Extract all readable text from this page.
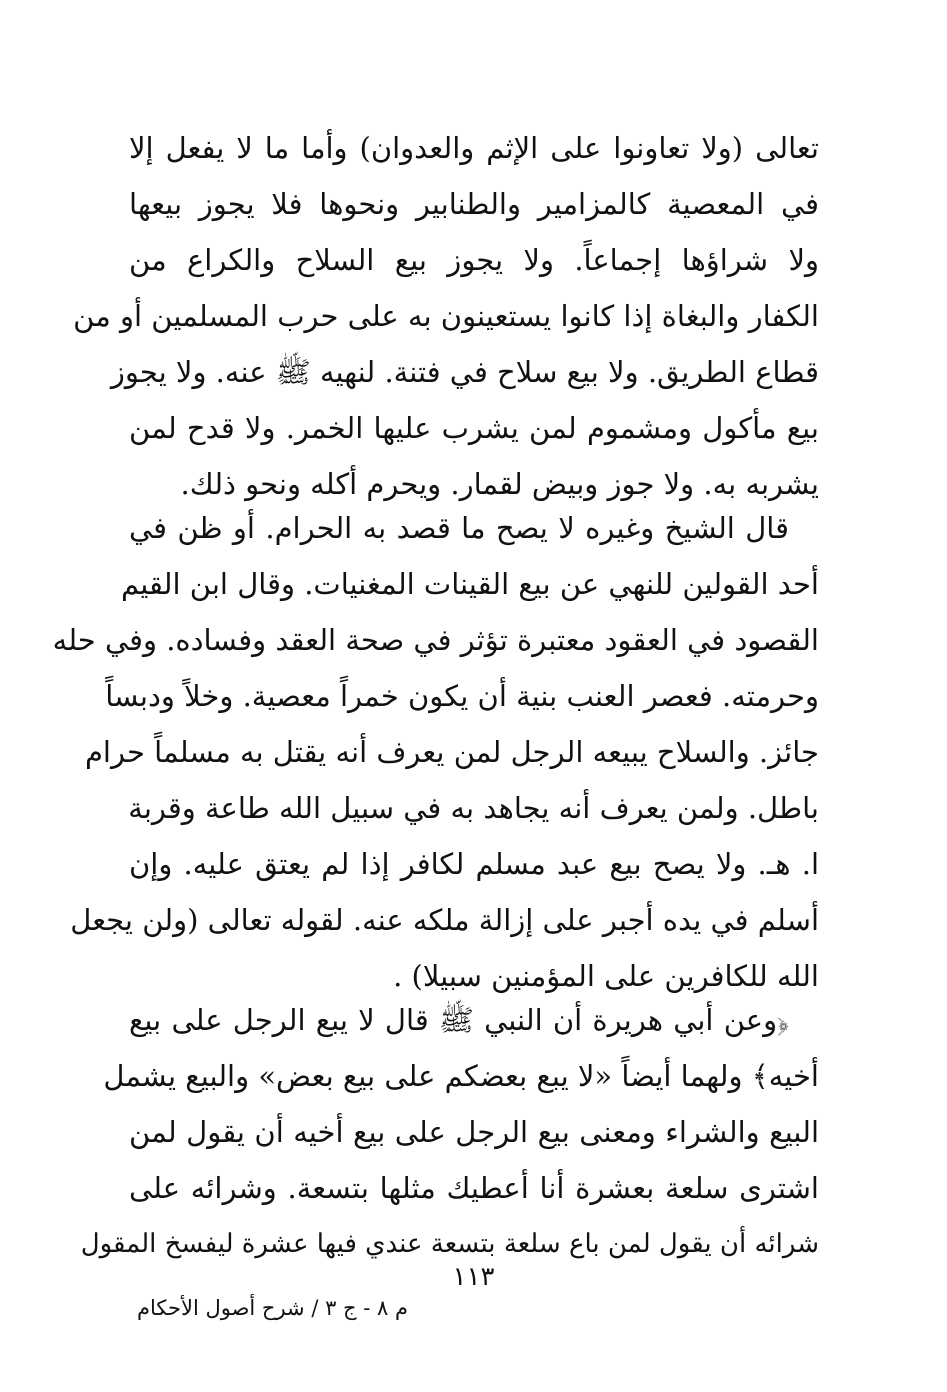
تعالى (ولا تعاونوا على الإثم والعدوان) وأما ما لا يفعل إلا
في المعصية كالمزامير والطنابير ونحوها فلا يجوز بيعها
ولا شراؤها إجماعاً. ولا يجوز بيع السلاح والكراع من
الكفار والبغاة إذا كانوا يستعينون به على حرب المسلمين أو من
قطاع الطريق. ولا بيع سلاح في فتنة. لنهيه ﷺ عنه. ولا يجوز
بيع مأكول ومشموم لمن يشرب عليها الخمر. ولا قدح لمن
يشربه به. ولا جوز وبيض لقمار. ويحرم أكله ونحو ذلك.
قال الشيخ وغيره لا يصح ما قصد به الحرام. أو ظن في
أحد القولين للنهي عن بيع القينات المغنيات. وقال ابن القيم
القصود في العقود معتبرة تؤثر في صحة العقد وفساده. وفي حله
وحرمته. فعصر العنب بنية أن يكون خمراً معصية. وخلاً ودبساً
جائز. والسلاح يبيعه الرجل لمن يعرف أنه يقتل به مسلماً حرام
باطل. ولمن يعرف أنه يجاهد به في سبيل الله طاعة وقربة
ا. هـ. ولا يصح بيع عبد مسلم لكافر إذا لم يعتق عليه. وإن
أسلم في يده أجبر على إزالة ملكه عنه. لقوله تعالى (ولن يجعل
الله للكافرين على المؤمنين سبيلا) .
﴿وعن أبي هريرة أن النبي ﷺ قال لا يبع الرجل على بيع
أخيه﴾ ولهما أيضاً «لا يبع بعضكم على بيع بعض» والبيع يشمل
البيع والشراء ومعنى بيع الرجل على بيع أخيه أن يقول لمن
اشترى سلعة بعشرة أنا أعطيك مثلها بتسعة. وشرائه على
شرائه أن يقول لمن باع سلعة بتسعة عندي فيها عشرة ليفسخ المقول
١١٣
م ٨ - ج ٣ / شرح أصول الأحكام
